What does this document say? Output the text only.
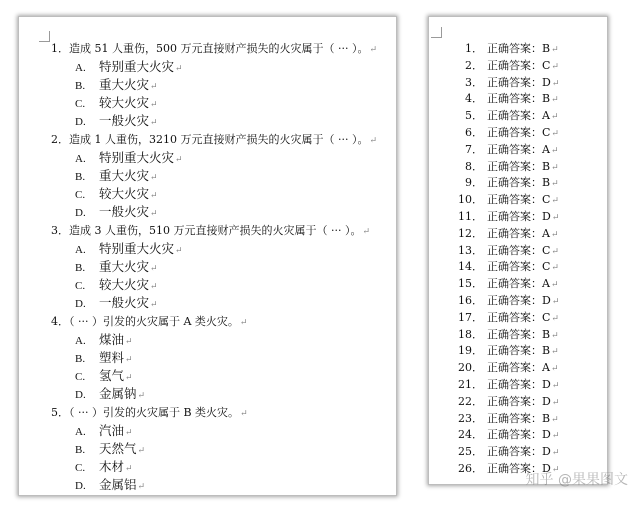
1．造成 51 人重伤，500 万元直接财产损失的火灾属于（ ··· ）。↵
A. 特别重大火灾↵
B. 重大火灾↵
C. 较大火灾↵
D. 一般火灾↵
2．造成 1 人重伤，3210 万元直接财产损失的火灾属于（ ··· ）。↵
A. 特别重大火灾↵
B. 重大火灾↵
C. 较大火灾↵
D. 一般火灾↵
3．造成 3 人重伤，510 万元直接财产损失的火灾属于（ ··· ）。↵
A. 特别重大火灾↵
B. 重大火灾↵
C. 较大火灾↵
D. 一般火灾↵
4．（ ··· ）引发的火灾属于 A 类火灾。↵
A. 煤油↵
B. 塑料↵
C. 氢气↵
D. 金属钠↵
5．（ ··· ）引发的火灾属于 B 类火灾。↵
A. 汽油↵
B. 天然气↵
C. 木材↵
D. 金属铝↵
1． 正确答案：B↵
2． 正确答案：C↵
3． 正确答案：D↵
4． 正确答案：B↵
5． 正确答案：A↵
6． 正确答案：C↵
7． 正确答案：A↵
8． 正确答案：B↵
9． 正确答案：B↵
10． 正确答案：C↵
11． 正确答案：D↵
12． 正确答案：A↵
13． 正确答案：C↵
14． 正确答案：C↵
15． 正确答案：A↵
16． 正确答案：D↵
17． 正确答案：C↵
18． 正确答案：B↵
19． 正确答案：B↵
20． 正确答案：A↵
21． 正确答案：D↵
22． 正确答案：D↵
23． 正确答案：B↵
24． 正确答案：D↵
25． 正确答案：D↵
26． 正确答案：D↵
知乎 @果果图文
